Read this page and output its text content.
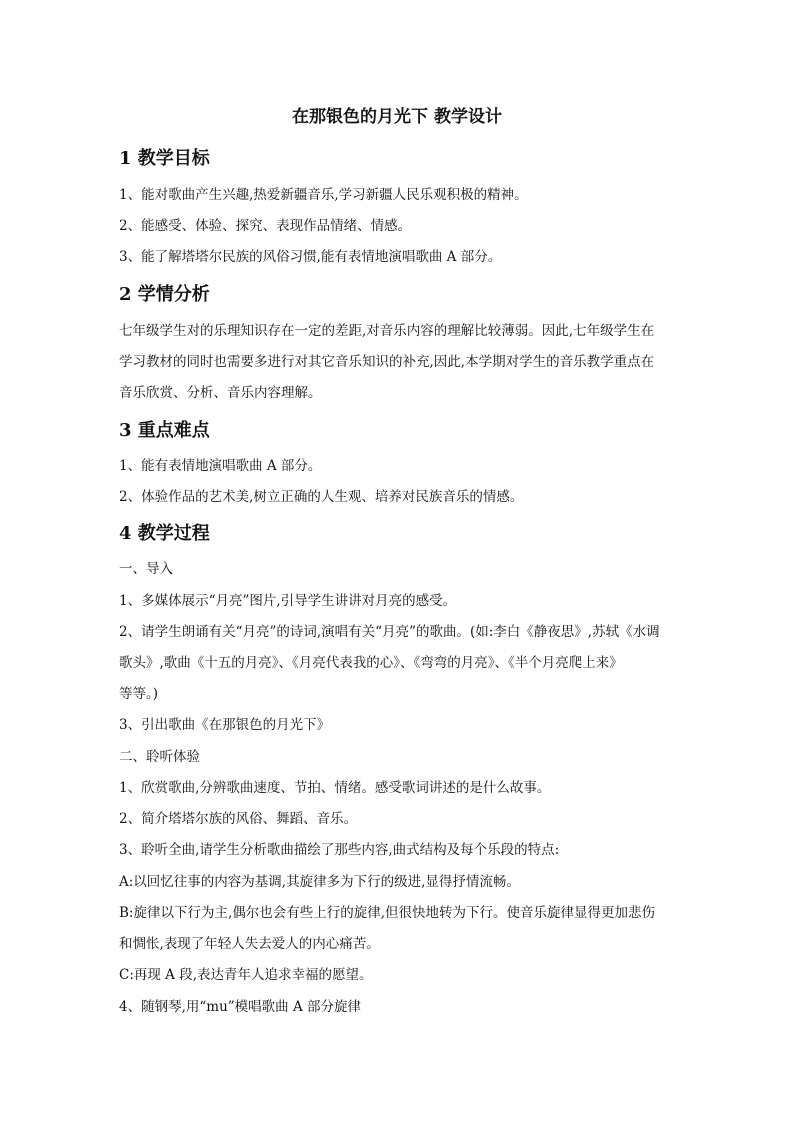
在那银色的月光下 教学设计
1 教学目标
1、能对歌曲产生兴趣,热爱新疆音乐,学习新疆人民乐观积极的精神。
2、能感受、体验、探究、表现作品情绪、情感。
3、能了解塔塔尔民族的风俗习惯,能有表情地演唱歌曲 A 部分。
2 学情分析
七年级学生对的乐理知识存在一定的差距,对音乐内容的理解比较薄弱。因此,七年级学生在
学习教材的同时也需要多进行对其它音乐知识的补充,因此,本学期对学生的音乐教学重点在
音乐欣赏、分析、音乐内容理解。
3 重点难点
1、能有表情地演唱歌曲 A 部分。
2、体验作品的艺术美,树立正确的人生观、培养对民族音乐的情感。
4 教学过程
一、导入
1、多媒体展示“月亮”图片,引导学生讲讲对月亮的感受。
2、请学生朗诵有关“月亮”的诗词,演唱有关“月亮”的歌曲。(如:李白《静夜思》,苏轼《水调
歌头》,歌曲《十五的月亮》、《月亮代表我的心》、《弯弯的月亮》、《半个月亮爬上来》
等等。)
3、引出歌曲《在那银色的月光下》
二、聆听体验
1、欣赏歌曲,分辨歌曲速度、节拍、情绪。感受歌词讲述的是什么故事。
2、简介塔塔尔族的风俗、舞蹈、音乐。
3、聆听全曲,请学生分析歌曲描绘了那些内容,曲式结构及每个乐段的特点:
A:以回忆往事的内容为基调,其旋律多为下行的级进,显得抒情流畅。
B:旋律以下行为主,偶尔也会有些上行的旋律,但很快地转为下行。使音乐旋律显得更加悲伤
和惆怅,表现了年轻人失去爱人的内心痛苦。
C:再现 A 段,表达青年人追求幸福的愿望。
4、随钢琴,用“mu”模唱歌曲 A 部分旋律
